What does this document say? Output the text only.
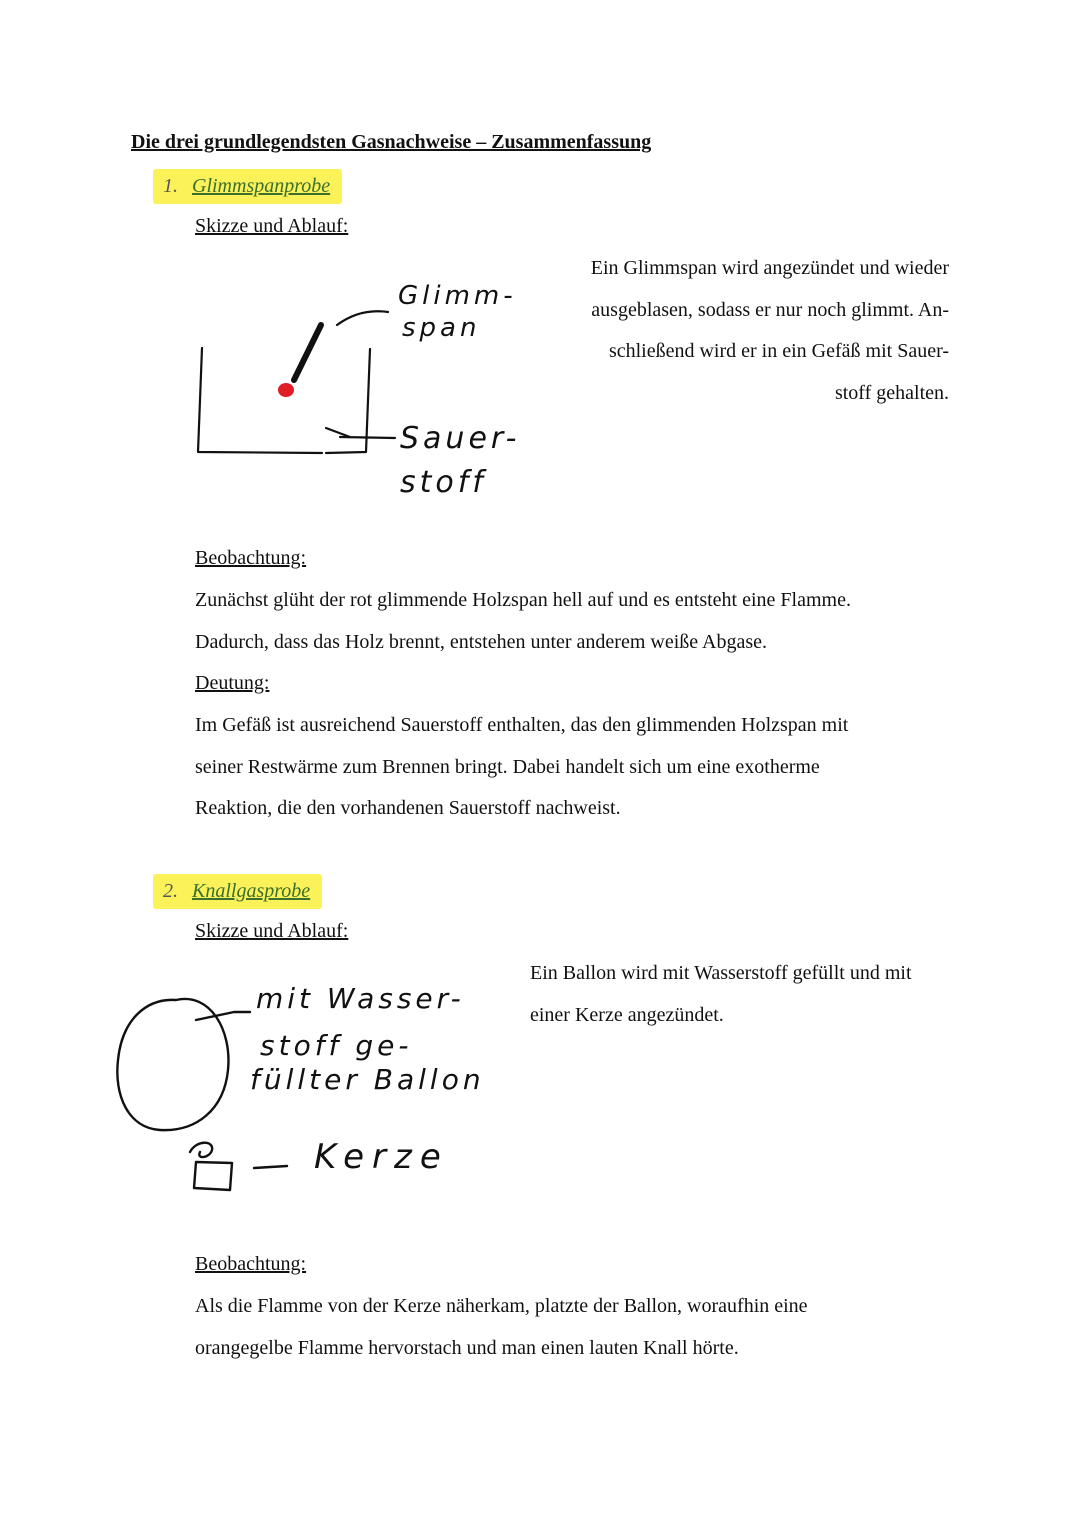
Die drei grundlegendsten Gasnachweise – Zusammenfassung
1. Glimmspanprobe
Skizze und Ablauf:
Ein Glimmspan wird angezündet und wieder
ausgeblasen, sodass er nur noch glimmt. An-
schließend wird er in ein Gefäß mit Sauer-
stoff gehalten.
Glimm-
span
Sauer-
stoff
Beobachtung:
Zunächst glüht der rot glimmende Holzspan hell auf und es entsteht eine Flamme.
Dadurch, dass das Holz brennt, entstehen unter anderem weiße Abgase.
Deutung:
Im Gefäß ist ausreichend Sauerstoff enthalten, das den glimmenden Holzspan mit
seiner Restwärme zum Brennen bringt. Dabei handelt sich um eine exotherme
Reaktion, die den vorhandenen Sauerstoff nachweist.
2. Knallgasprobe
Skizze und Ablauf:
Ein Ballon wird mit Wasserstoff gefüllt und mit
einer Kerze angezündet.
mit Wasser-
stoff ge-
füllter Ballon
Kerze
Beobachtung:
Als die Flamme von der Kerze näherkam, platzte der Ballon, woraufhin eine
orangegelbe Flamme hervorstach und man einen lauten Knall hörte.
